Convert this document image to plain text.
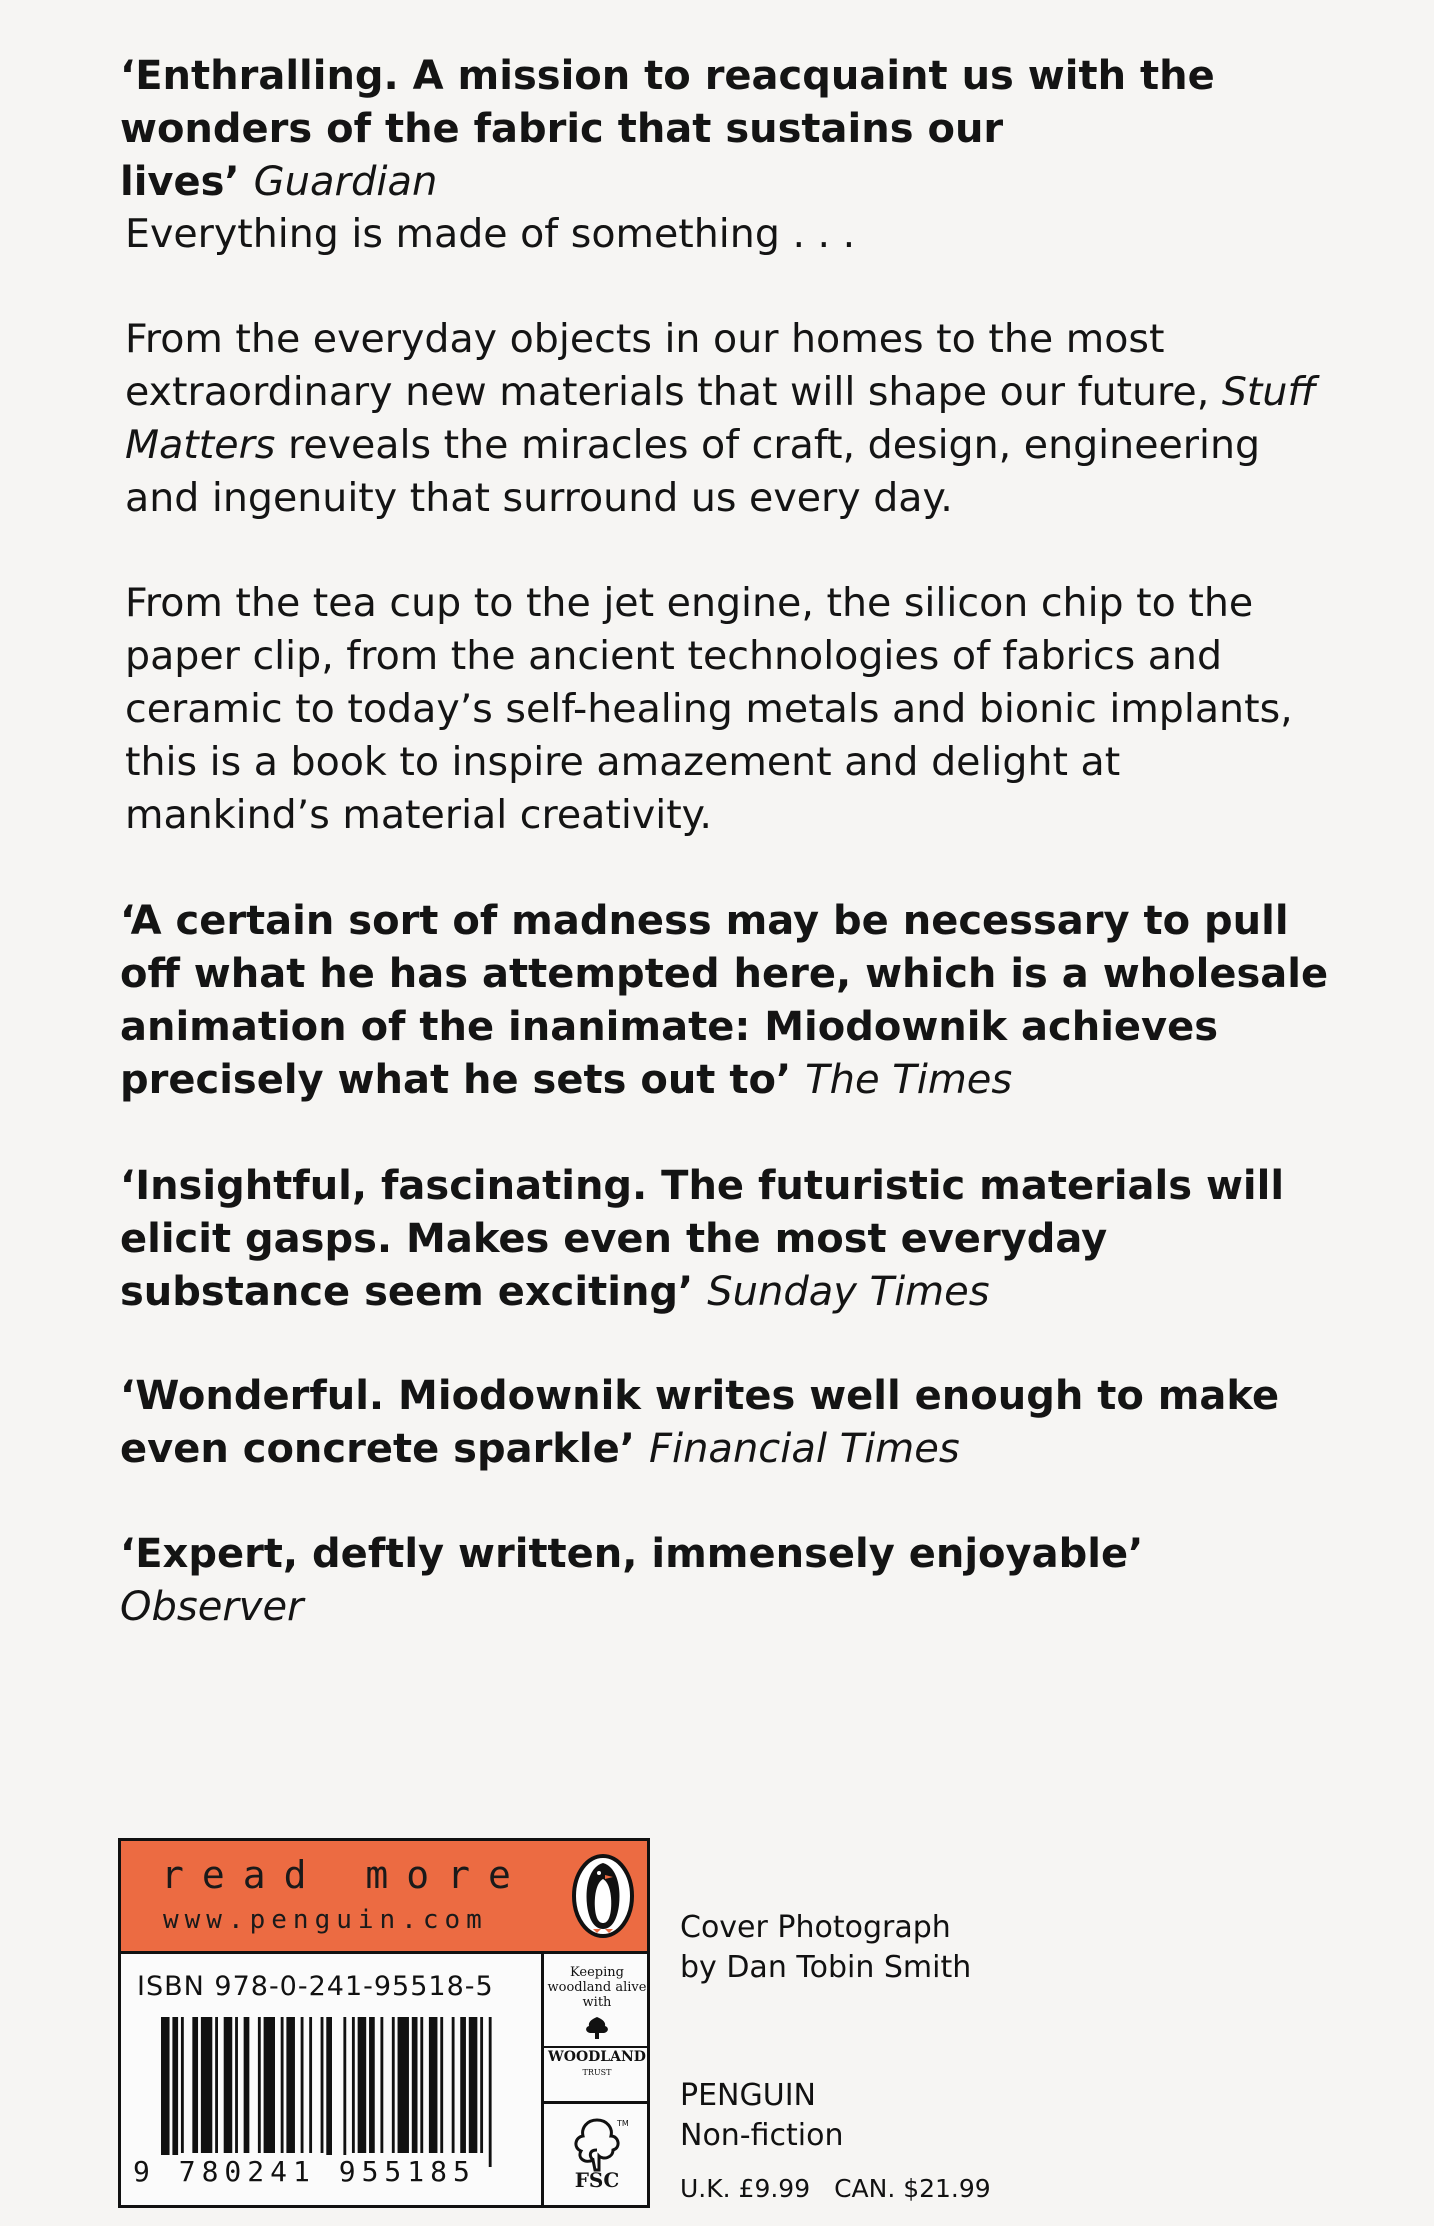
‘Enthralling. A mission to reacquaint us with the wonders of the fabric that sustains our lives’ Guardian

Everything is made of something . . .

From the everyday objects in our homes to the most extraordinary new materials that will shape our future, Stuff Matters reveals the miracles of craft, design, engineering and ingenuity that surround us every day.

From the tea cup to the jet engine, the silicon chip to the paper clip, from the ancient technologies of fabrics and ceramic to today’s self-healing metals and bionic implants, this is a book to inspire amazement and delight at mankind’s material creativity.

‘A certain sort of madness may be necessary to pull off what he has attempted here, which is a wholesale animation of the inanimate: Miodownik achieves precisely what he sets out to’ The Times

‘Insightful, fascinating. The futuristic materials will elicit gasps. Makes even the most everyday substance seem exciting’ Sunday Times

‘Wonderful. Miodownik writes well enough to make even concrete sparkle’ Financial Times

‘Expert, deftly written, immensely enjoyable’
Observer

read more
www.penguin.com
ISBN 978-0-241-95518-5
9 780241 955185
Keeping woodland alive with
WOODLAND
TRUST
TM
FSC
Cover Photograph
by Dan Tobin Smith
PENGUIN
Non-fiction
U.K. £9.99 CAN. $21.99
